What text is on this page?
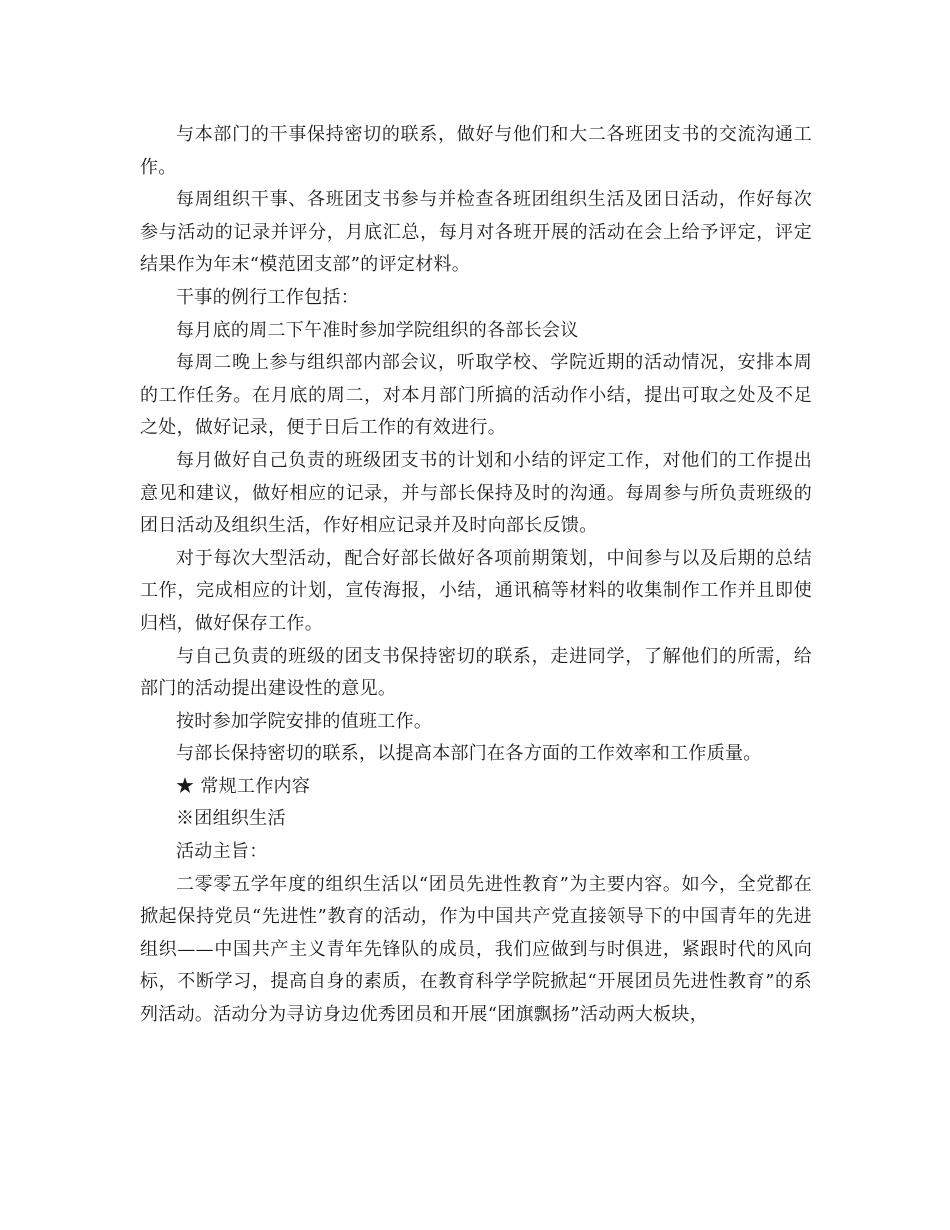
与本部门的干事保持密切的联系，做好与他们和大二各班团支书的交流沟通工作。

每周组织干事、各班团支书参与并检查各班团组织生活及团日活动，作好每次参与活动的记录并评分，月底汇总，每月对各班开展的活动在会上给予评定，评定结果作为年末“模范团支部”的评定材料。

干事的例行工作包括：

每月底的周二下午准时参加学院组织的各部长会议

每周二晚上参与组织部内部会议，听取学校、学院近期的活动情况，安排本周的工作任务。在月底的周二，对本月部门所搞的活动作小结，提出可取之处及不足之处，做好记录，便于日后工作的有效进行。

每月做好自己负责的班级团支书的计划和小结的评定工作，对他们的工作提出意见和建议，做好相应的记录，并与部长保持及时的沟通。每周参与所负责班级的团日活动及组织生活，作好相应记录并及时向部长反馈。

对于每次大型活动，配合好部长做好各项前期策划，中间参与以及后期的总结工作，完成相应的计划，宣传海报，小结，通讯稿等材料的收集制作工作并且即使归档，做好保存工作。

与自己负责的班级的团支书保持密切的联系，走进同学，了解他们的所需，给部门的活动提出建设性的意见。

按时参加学院安排的值班工作。

与部长保持密切的联系，以提高本部门在各方面的工作效率和工作质量。

★ 常规工作内容

※团组织生活

活动主旨：

二零零五学年度的组织生活以“团员先进性教育”为主要内容。如今，全党都在掀起保持党员“先进性”教育的活动，作为中国共产党直接领导下的中国青年的先进组织——中国共产主义青年先锋队的成员，我们应做到与时俱进，紧跟时代的风向标，不断学习，提高自身的素质，在教育科学学院掀起“开展团员先进性教育”的系列活动。活动分为寻访身边优秀团员和开展“团旗飘扬”活动两大板块，
